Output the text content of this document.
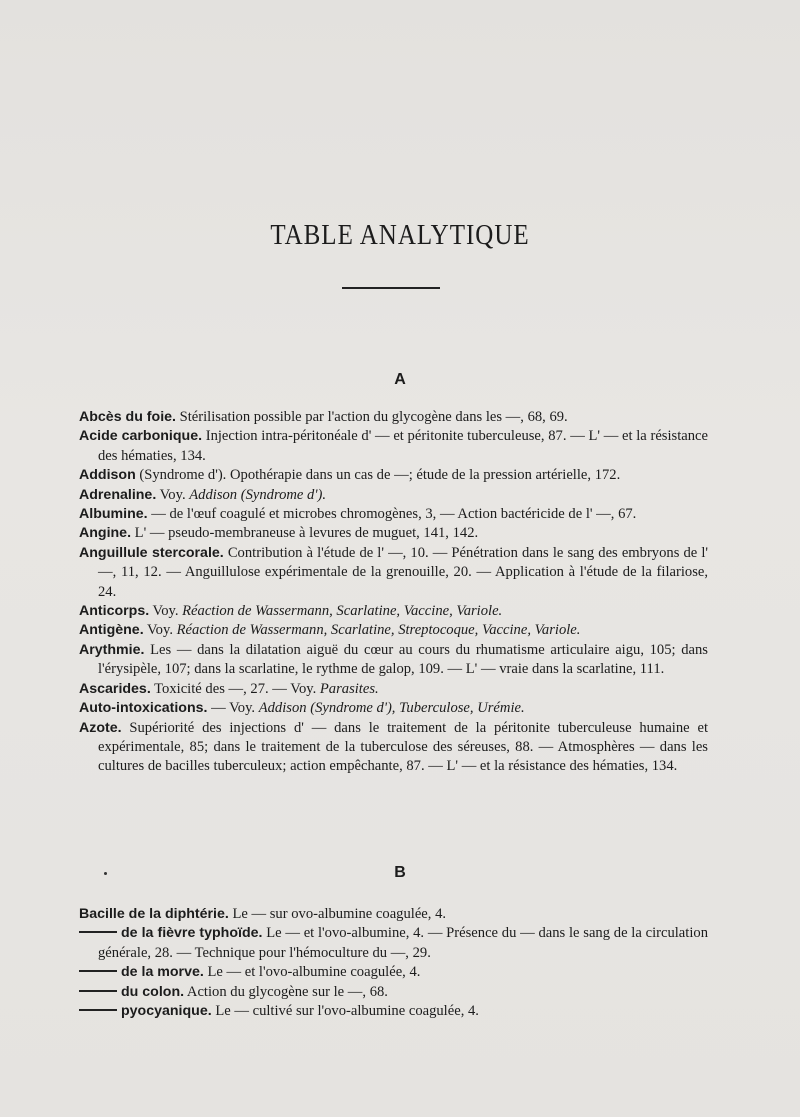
TABLE ANALYTIQUE
A
Abcès du foie. Stérilisation possible par l'action du glycogène dans les —, 68, 69.
Acide carbonique. Injection intra-péritonéale d' — et péritonite tuberculeuse, 87. — L' — et la résistance des hématies, 134.
Addison (Syndrome d'). Opothérapie dans un cas de —; étude de la pression artérielle, 172.
Adrenaline. Voy. Addison (Syndrome d').
Albumine. — de l'œuf coagulé et microbes chromogènes, 3, — Action bactéricide de l' —, 67.
Angine. L' — pseudo-membraneuse à levures de muguet, 141, 142.
Anguillule stercorale. Contribution à l'étude de l' —, 10. — Pénétration dans le sang des embryons de l' —, 11, 12. — Anguillulose expérimentale de la grenouille, 20. — Application à l'étude de la filariose, 24.
Anticorps. Voy. Réaction de Wassermann, Scarlatine, Vaccine, Variole.
Antigène. Voy. Réaction de Wassermann, Scarlatine, Streptocoque, Vaccine, Variole.
Arythmie. Les — dans la dilatation aiguë du cœur au cours du rhumatisme articulaire aigu, 105; dans l'érysipèle, 107; dans la scarlatine, le rythme de galop, 109. — L' — vraie dans la scarlatine, 111.
Ascarides. Toxicité des —, 27. — Voy. Parasites.
Auto-intoxications. — Voy. Addison (Syndrome d'), Tuberculose, Urémie.
Azote. Supériorité des injections d' — dans le traitement de la péritonite tuberculeuse humaine et expérimentale, 85; dans le traitement de la tuberculose des séreuses, 88. — Atmosphères — dans les cultures de bacilles tuberculeux; action empêchante, 87. — L' — et la résistance des hématies, 134.
B
Bacille de la diphtérie. Le — sur ovo-albumine coagulée, 4.
de la fièvre typhoïde. Le — et l'ovo-albumine, 4. — Présence du — dans le sang de la circulation générale, 28. — Technique pour l'hémoculture du —, 29.
de la morve. Le — et l'ovo-albumine coagulée, 4.
du colon. Action du glycogène sur le —, 68.
pyocyanique. Le — cultivé sur l'ovo-albumine coagulée, 4.
